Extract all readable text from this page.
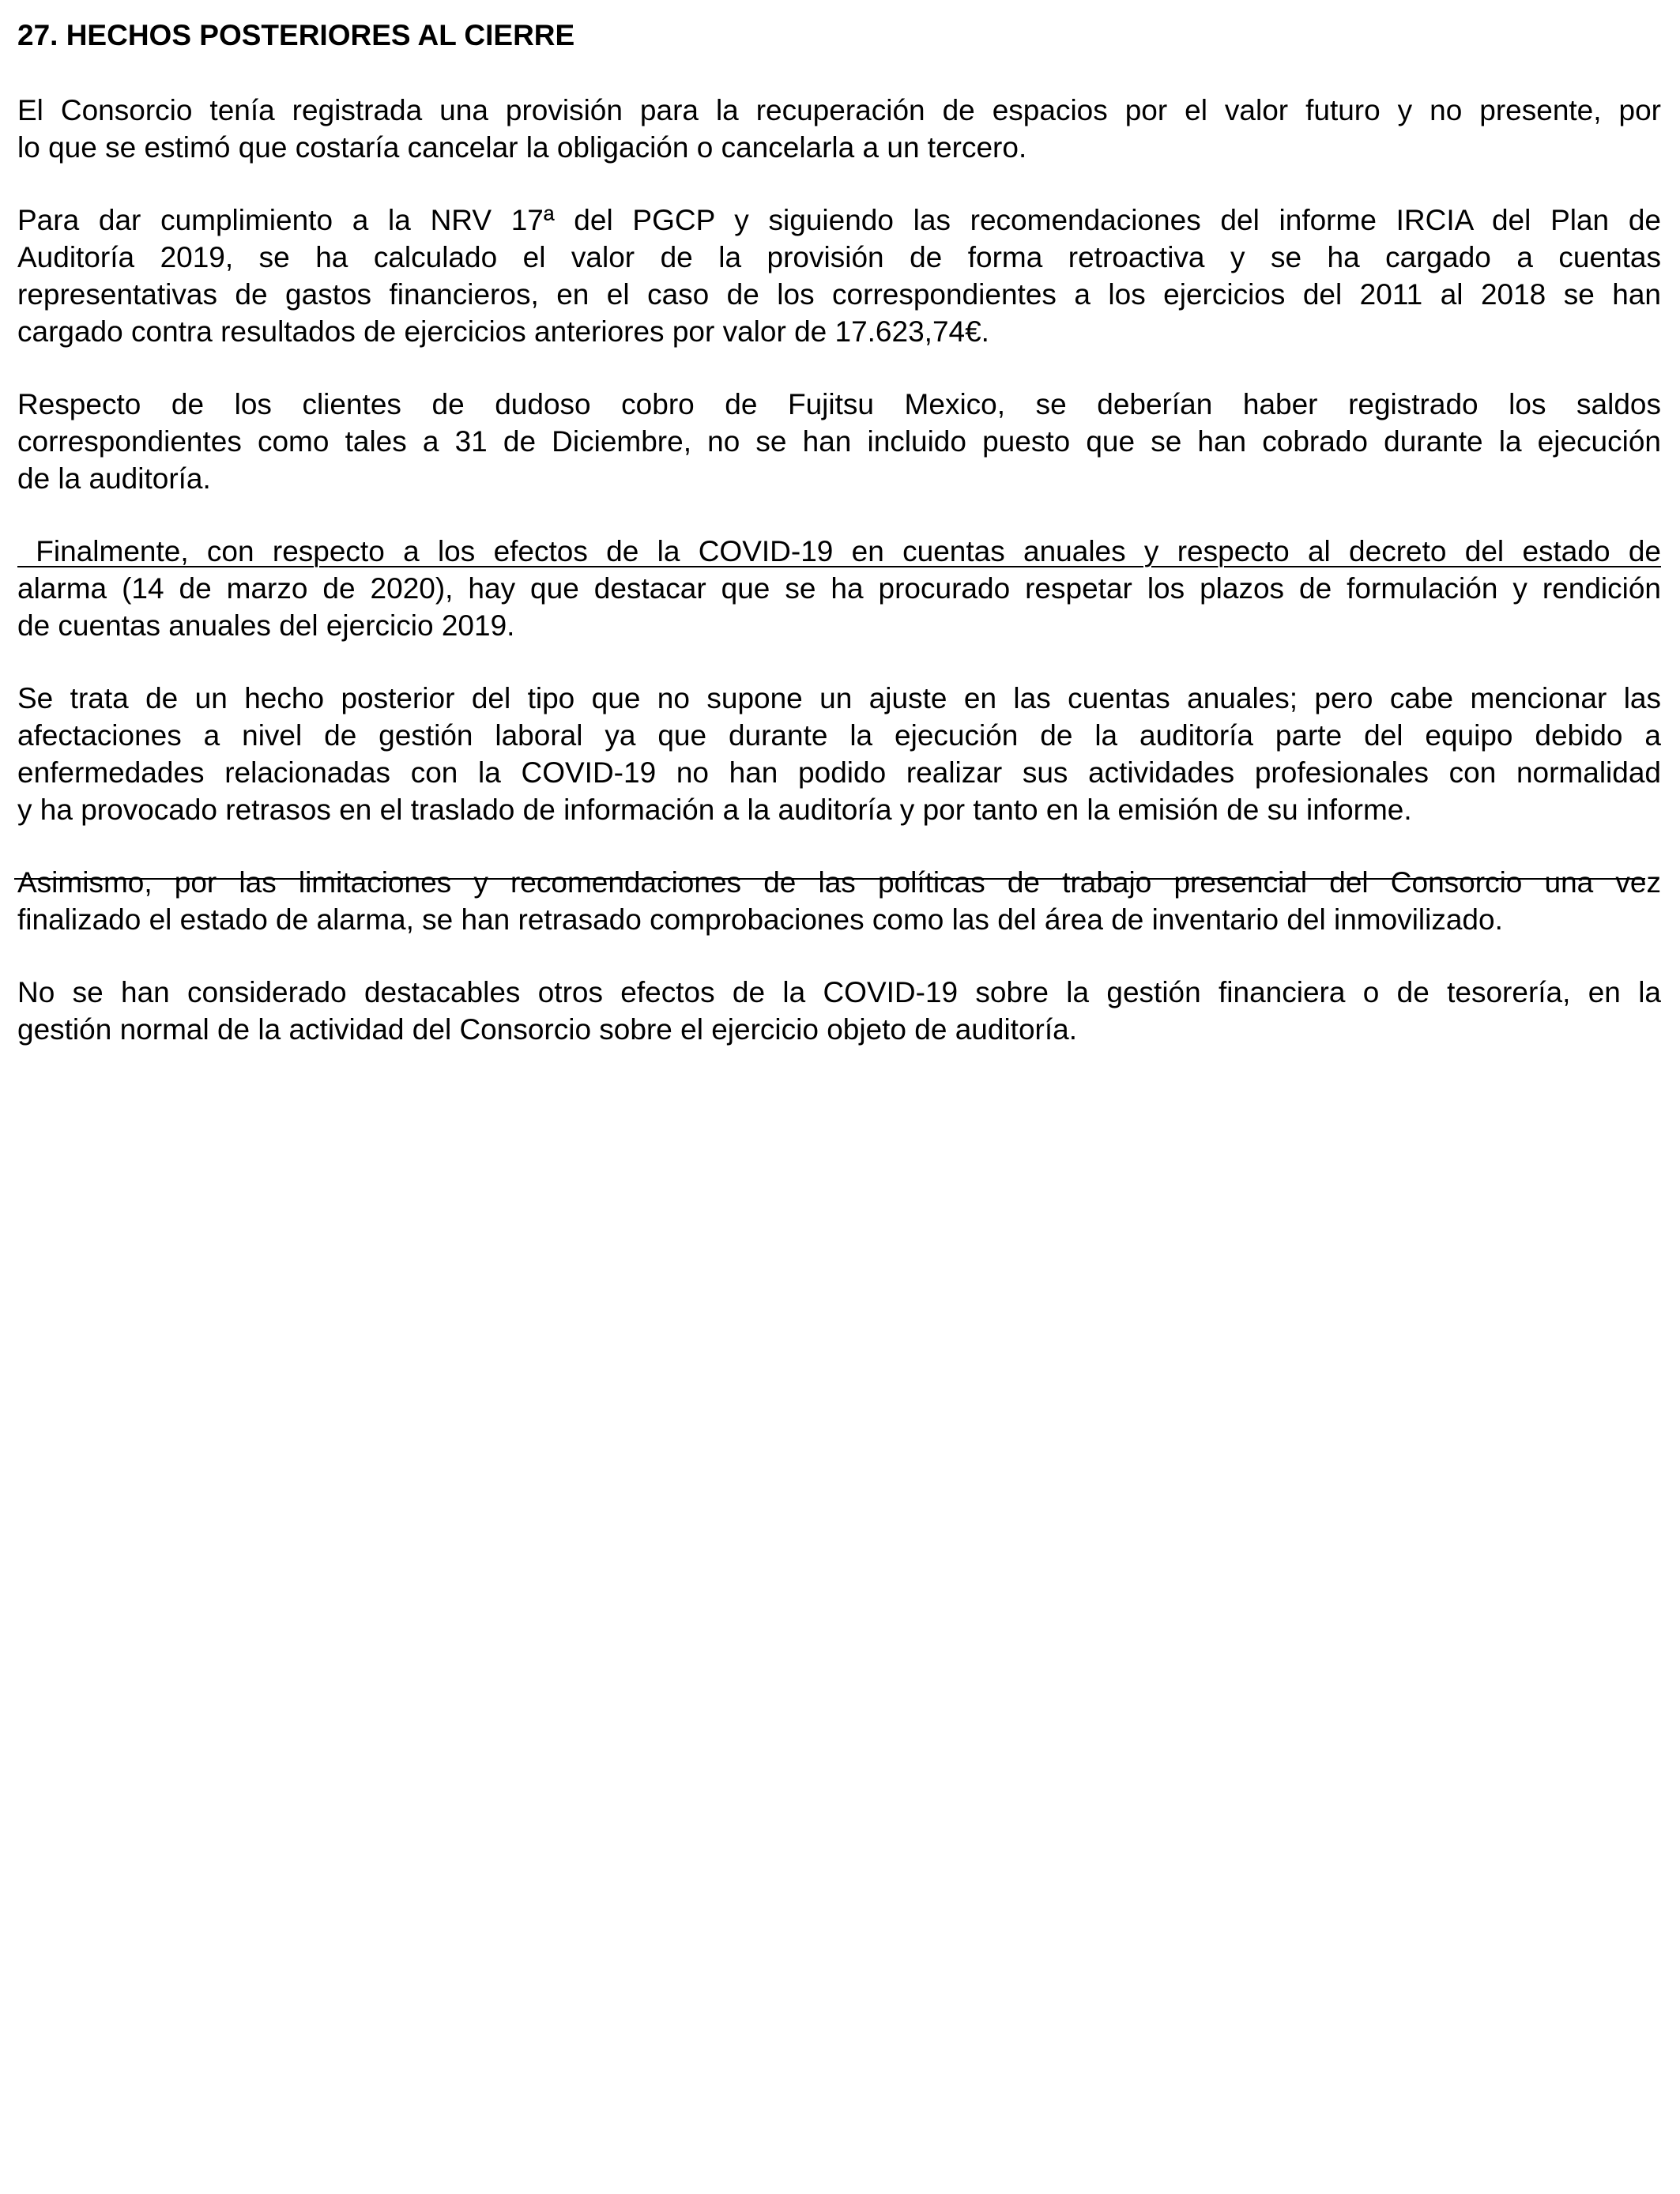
27. HECHOS POSTERIORES AL CIERRE
El Consorcio tenía registrada una provisión para la recuperación de espacios por el valor futuro y no presente, por
lo que se estimó que costaría cancelar la obligación o cancelarla a un tercero.
Para dar cumplimiento a la NRV 17ª del PGCP y siguiendo las recomendaciones del informe IRCIA del Plan de
Auditoría 2019, se ha calculado el valor de la provisión de forma retroactiva y se ha cargado a cuentas
representativas de gastos financieros, en el caso de los correspondientes a los ejercicios del 2011 al 2018 se han
cargado contra resultados de ejercicios anteriores por valor de 17.623,74€.
Respecto de los clientes de dudoso cobro de Fujitsu Mexico, se deberían haber registrado los saldos
correspondientes como tales a 31 de Diciembre, no se han incluido puesto que se han cobrado durante la ejecución
de la auditoría.
Finalmente, con respecto a los efectos de la COVID-19 en cuentas anuales y respecto al decreto del estado de
alarma (14 de marzo de 2020), hay que destacar que se ha procurado respetar los plazos de formulación y rendición
de cuentas anuales del ejercicio 2019.
Se trata de un hecho posterior del tipo que no supone un ajuste en las cuentas anuales; pero cabe mencionar las
afectaciones a nivel de gestión laboral ya que durante la ejecución de la auditoría parte del equipo debido a
enfermedades relacionadas con la COVID-19 no han podido realizar sus actividades profesionales con normalidad
y ha provocado retrasos en el traslado de información a la auditoría y por tanto en la emisión de su informe.
Asimismo, por las limitaciones y recomendaciones de las políticas de trabajo presencial del Consorcio una vez
finalizado el estado de alarma, se han retrasado comprobaciones como las del área de inventario del inmovilizado.
No se han considerado destacables otros efectos de la COVID-19 sobre la gestión financiera o de tesorería, en la
gestión normal de la actividad del Consorcio sobre el ejercicio objeto de auditoría.
